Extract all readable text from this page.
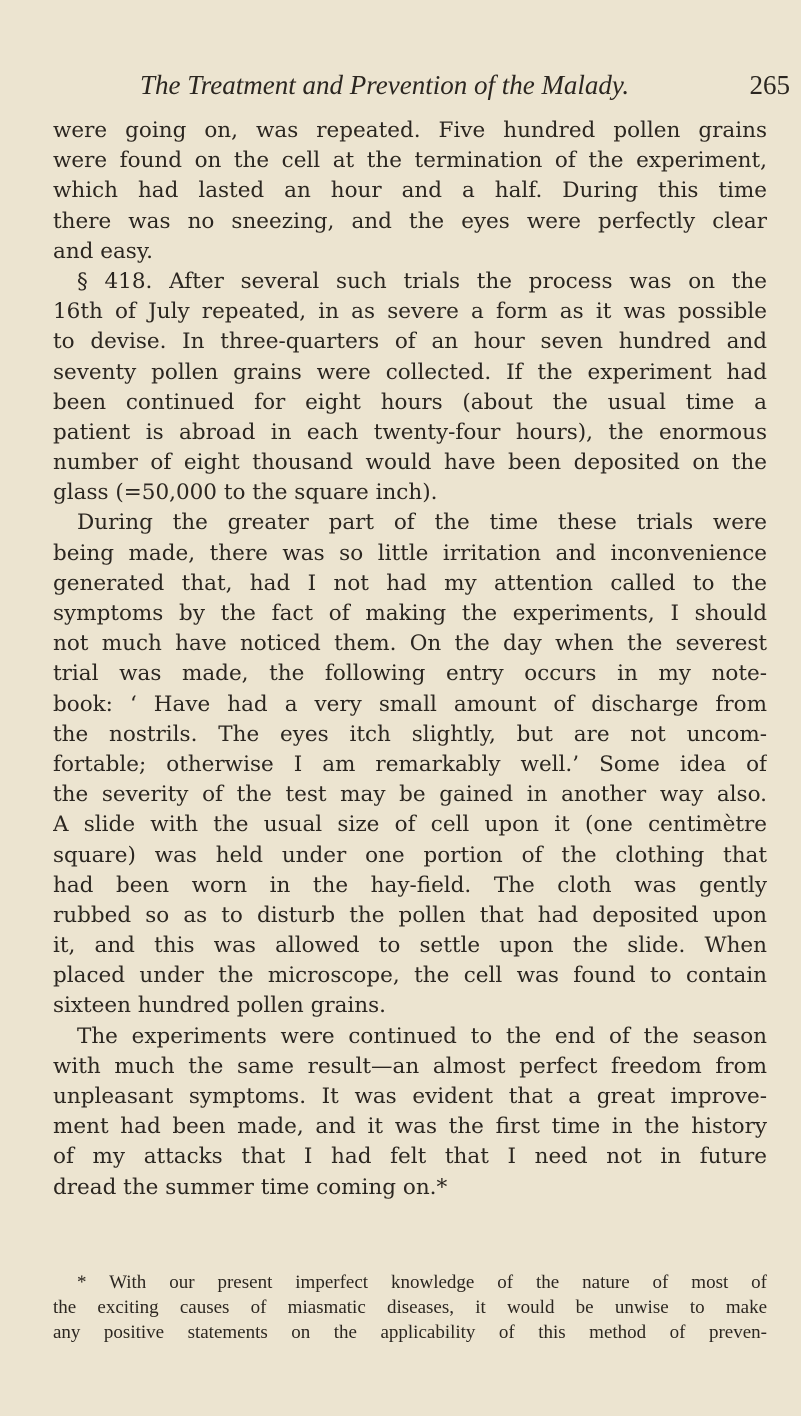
The Treatment and Prevention of the Malady.	265
were going on, was repeated. Five hundred pollen grains
were found on the cell at the termination of the experiment,
which had lasted an hour and a half. During this time
there was no sneezing, and the eyes were perfectly clear
and easy.
§ 418. After several such trials the process was on the
16th of July repeated, in as severe a form as it was possible
to devise. In three-quarters of an hour seven hundred and
seventy pollen grains were collected. If the experiment had
been continued for eight hours (about the usual time a
patient is abroad in each twenty-four hours), the enormous
number of eight thousand would have been deposited on the
glass (=50,000 to the square inch).
During the greater part of the time these trials were
being made, there was so little irritation and inconvenience
generated that, had I not had my attention called to the
symptoms by the fact of making the experiments, I should
not much have noticed them. On the day when the severest
trial was made, the following entry occurs in my note-
book: ‘ Have had a very small amount of discharge from
the nostrils. The eyes itch slightly, but are not uncom-
fortable; otherwise I am remarkably well.’ Some idea of
the severity of the test may be gained in another way also.
A slide with the usual size of cell upon it (one centimètre
square) was held under one portion of the clothing that
had been worn in the hay-field. The cloth was gently
rubbed so as to disturb the pollen that had deposited upon
it, and this was allowed to settle upon the slide. When
placed under the microscope, the cell was found to contain
sixteen hundred pollen grains.
The experiments were continued to the end of the season
with much the same result—an almost perfect freedom from
unpleasant symptoms. It was evident that a great improve-
ment had been made, and it was the first time in the history
of my attacks that I had felt that I need not in future
dread the summer time coming on.*
* With our present imperfect knowledge of the nature of most of
the exciting causes of miasmatic diseases, it would be unwise to make
any positive statements on the applicability of this method of preven-
